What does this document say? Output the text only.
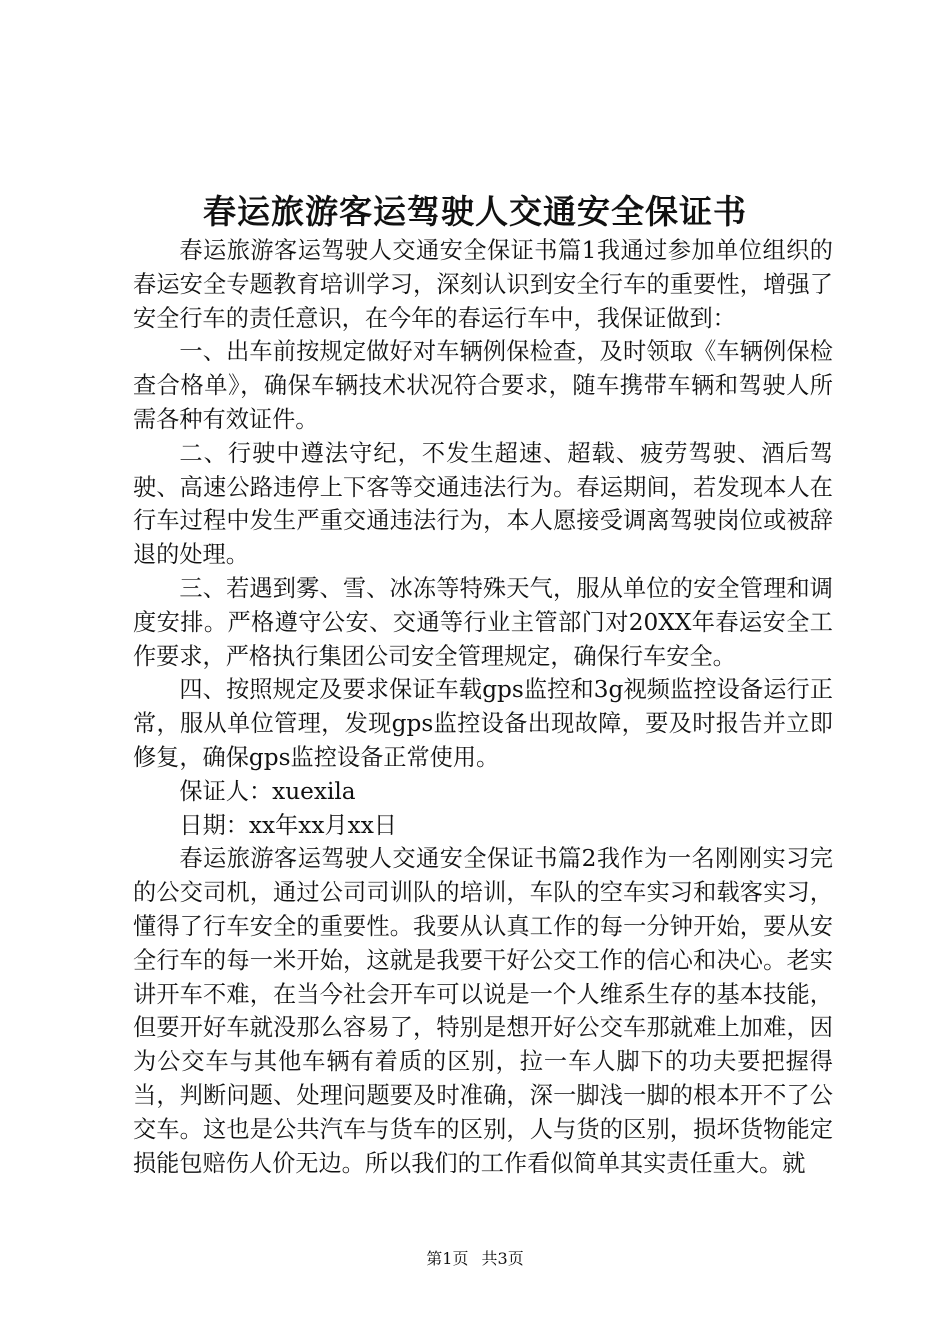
春运旅游客运驾驶人交通安全保证书

春运旅游客运驾驶人交通安全保证书篇1我通过参加单位组织的春运安全专题教育培训学习，深刻认识到安全行车的重要性，增强了安全行车的责任意识，在今年的春运行车中，我保证做到：

一、出车前按规定做好对车辆例保检查，及时领取《车辆例保检查合格单》，确保车辆技术状况符合要求，随车携带车辆和驾驶人所需各种有效证件。

二、行驶中遵法守纪，不发生超速、超载、疲劳驾驶、酒后驾驶、高速公路违停上下客等交通违法行为。春运期间，若发现本人在行车过程中发生严重交通违法行为，本人愿接受调离驾驶岗位或被辞退的处理。

三、若遇到雾、雪、冰冻等特殊天气，服从单位的安全管理和调度安排。严格遵守公安、交通等行业主管部门对20XX年春运安全工作要求，严格执行集团公司安全管理规定，确保行车安全。

四、按照规定及要求保证车载gps监控和3g视频监控设备运行正常，服从单位管理，发现gps监控设备出现故障，要及时报告并立即修复，确保gps监控设备正常使用。

保证人：xuexila

日期：xx年xx月xx日

春运旅游客运驾驶人交通安全保证书篇2我作为一名刚刚实习完的公交司机，通过公司司训队的培训，车队的空车实习和载客实习，懂得了行车安全的重要性。我要从认真工作的每一分钟开始，要从安全行车的每一米开始，这就是我要干好公交工作的信心和决心。老实讲开车不难，在当今社会开车可以说是一个人维系生存的基本技能，但要开好车就没那么容易了，特别是想开好公交车那就难上加难，因为公交车与其他车辆有着质的区别，拉一车人脚下的功夫要把握得当，判断问题、处理问题要及时准确，深一脚浅一脚的根本开不了公交车。这也是公共汽车与货车的区别，人与货的区别，损坏货物能定损能包赔伤人价无边。所以我们的工作看似简单其实责任重大。就

第1页 共3页
